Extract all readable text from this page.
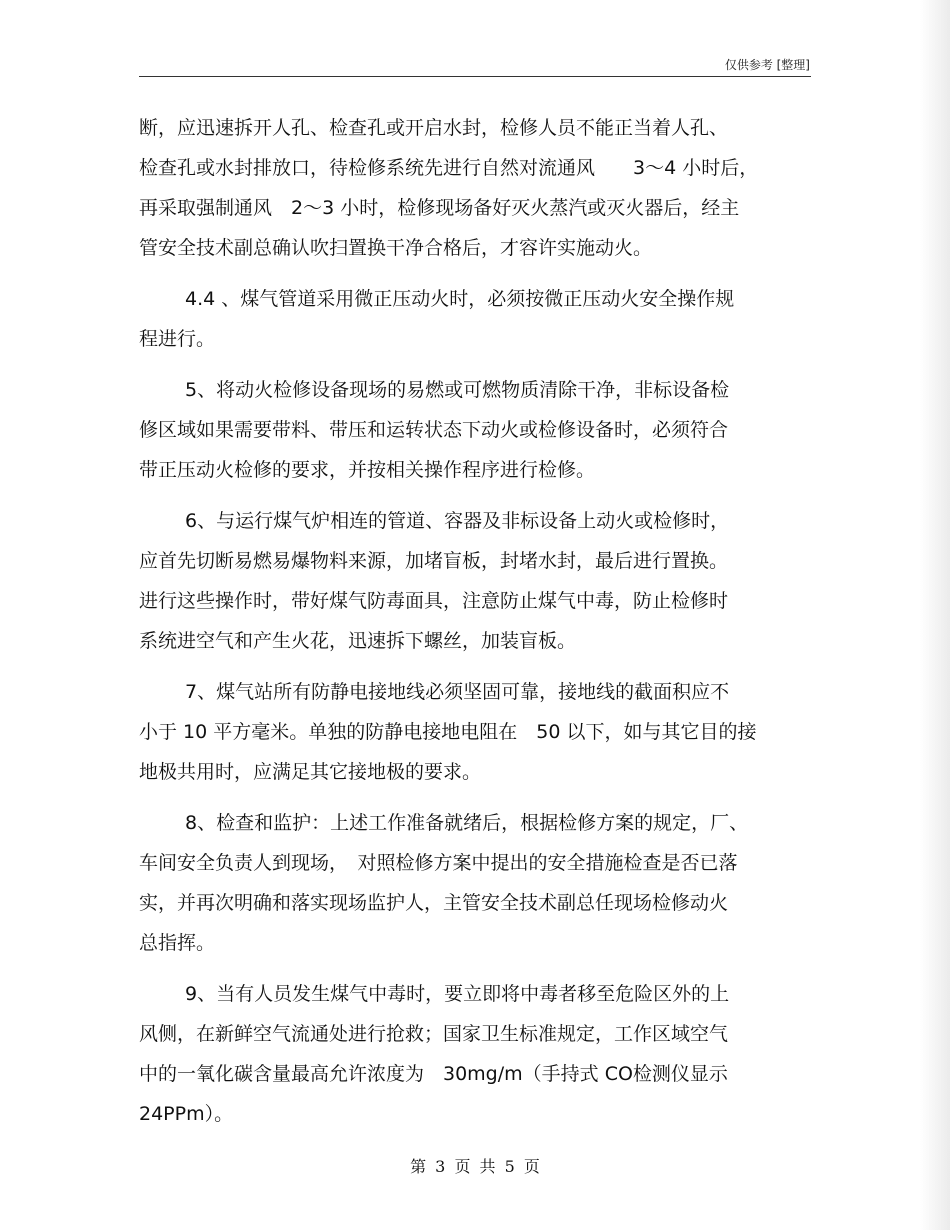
仅供参考 [整理]
断，应迅速拆开人孔、检查孔或开启水封，检修人员不能正当着人孔、
检查孔或水封排放口，待检修系统先进行自然对流通风　　3～4 小时后，
再采取强制通风　2～3 小时，检修现场备好灭火蒸汽或灭火器后，经主
管安全技术副总确认吹扫置换干净合格后，才容许实施动火。
4.4 、煤气管道采用微正压动火时，必须按微正压动火安全操作规
程进行。
5、将动火检修设备现场的易燃或可燃物质清除干净，非标设备检
修区域如果需要带料、带压和运转状态下动火或检修设备时，必须符合
带正压动火检修的要求，并按相关操作程序进行检修。
6、与运行煤气炉相连的管道、容器及非标设备上动火或检修时，
应首先切断易燃易爆物料来源，加堵盲板，封堵水封，最后进行置换。
进行这些操作时，带好煤气防毒面具，注意防止煤气中毒，防止检修时
系统进空气和产生火花，迅速拆下螺丝，加装盲板。
7、煤气站所有防静电接地线必须坚固可靠，接地线的截面积应不
小于 10 平方毫米。单独的防静电接地电阻在　50 以下，如与其它目的接
地极共用时，应满足其它接地极的要求。
8、检查和监护：上述工作准备就绪后，根据检修方案的规定，厂、
车间安全负责人到现场，　对照检修方案中提出的安全措施检查是否已落
实，并再次明确和落实现场监护人，主管安全技术副总任现场检修动火
总指挥。
9、当有人员发生煤气中毒时，要立即将中毒者移至危险区外的上
风侧，在新鲜空气流通处进行抢救；国家卫生标准规定，工作区域空气
中的一氧化碳含量最高允许浓度为　30mg/m（手持式 CO检测仪显示
24PPm）。
第 3 页 共 5 页
